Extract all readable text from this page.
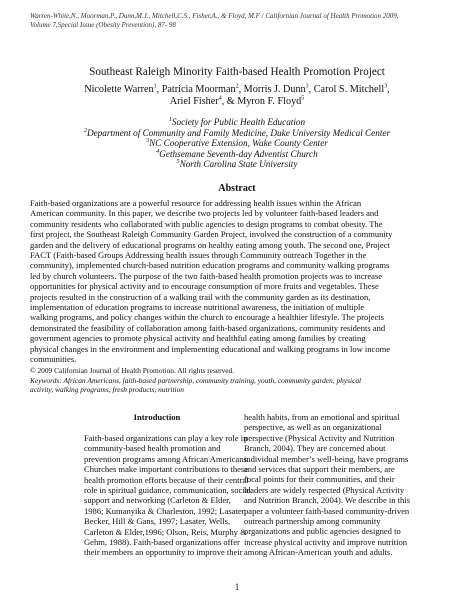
Warren-White,N., Moorman,P., Dunn,M.J., Mitchell,C.S., Fisher,A., & Floyd, M.F / Californian Journal of Health Promotion 2009,
Volume 7,Special Issue (Obesity Prevention), 87- 98
Southeast Raleigh Minority Faith-based Health Promotion Project
Nicolette Warren$^1$, Patricia Moorman$^2$, Morris J. Dunn$^3$, Carol S. Mitchell$^3$,
Ariel Fisher$^4$, & Myron F. Floyd$^5$
$^1$Society for Public Health Education
$^2$Department of Community and Family Medicine, Duke University Medical Center
$^3$NC Cooperative Extension, Wake County Center
$^4$Gethsemane Seventh-day Adventist Church
$^5$North Carolina State University
Abstract
Faith-based organizations are a powerful resource for addressing health issues within the African
American community. In this paper, we describe two projects led by volunteer faith-based leaders and
community residents who collaborated with public agencies to design programs to combat obesity. The
first project, the Southeast Raleigh Community Garden Project, involved the construction of a community
garden and the delivery of educational programs on healthy eating among youth. The second one, Project
FACT (Faith-based Groups Addressing health issues through Community outreach Together in the
community), implemented church-based nutrition education programs and community walking programs
led by church volunteers. The purpose of the two faith-based health promotion projects was to increase
opportunities for physical activity and to encourage consumption of more fruits and vegetables. These
projects resulted in the construction of a walking trail with the community garden as its destination,
implementation of education programs to increase nutritional awareness, the initiation of multiple
walking programs, and policy changes within the church to encourage a healthier lifestyle. The projects
demonstrated the feasibility of collaboration among faith-based organizations, community residents and
government agencies to promote physical activity and healthful eating among families by creating
physical changes in the environment and implementing educational and walking programs in low income
communities.
© 2009 Californian Journal of Health Promotion. All rights reserved.
Keywords: African Americans, faith-based partnership, community training, youth, community garden, physical
activity, walking programs, fresh products, nutrition
Introduction
Faith-based organizations can play a key role in
community-based health promotion and
prevention programs among African Americans.
Churches make important contributions to these
health promotion efforts because of their central
role in spiritual guidance, communication, social
support and networking (Carleton & Elder,
1986; Kumanyika & Charleston, 1992; Lasater,
Becker, Hill & Gans, 1997; Lasater, Wells,
Carleton & Elder,1996; Olson, Reis, Murphy &
Gehm, 1988). Faith-based organizations offer
their members an opportunity to improve their
health habits, from an emotional and spiritual
perspective, as well as an organizational
perspective (Physical Activity and Nutrition
Branch, 2004). They are concerned about
individual member’s well-being, have programs
and services that support their members, are
focal points for their communities, and their
leaders are widely respected (Physical Activity
and Nutrition Branch, 2004). We describe in this
paper a volunteer faith-based community-driven
outreach partnership among community
organizations and public agencies designed to
increase physical activity and improve nutrition
among African-American youth and adults.
1
